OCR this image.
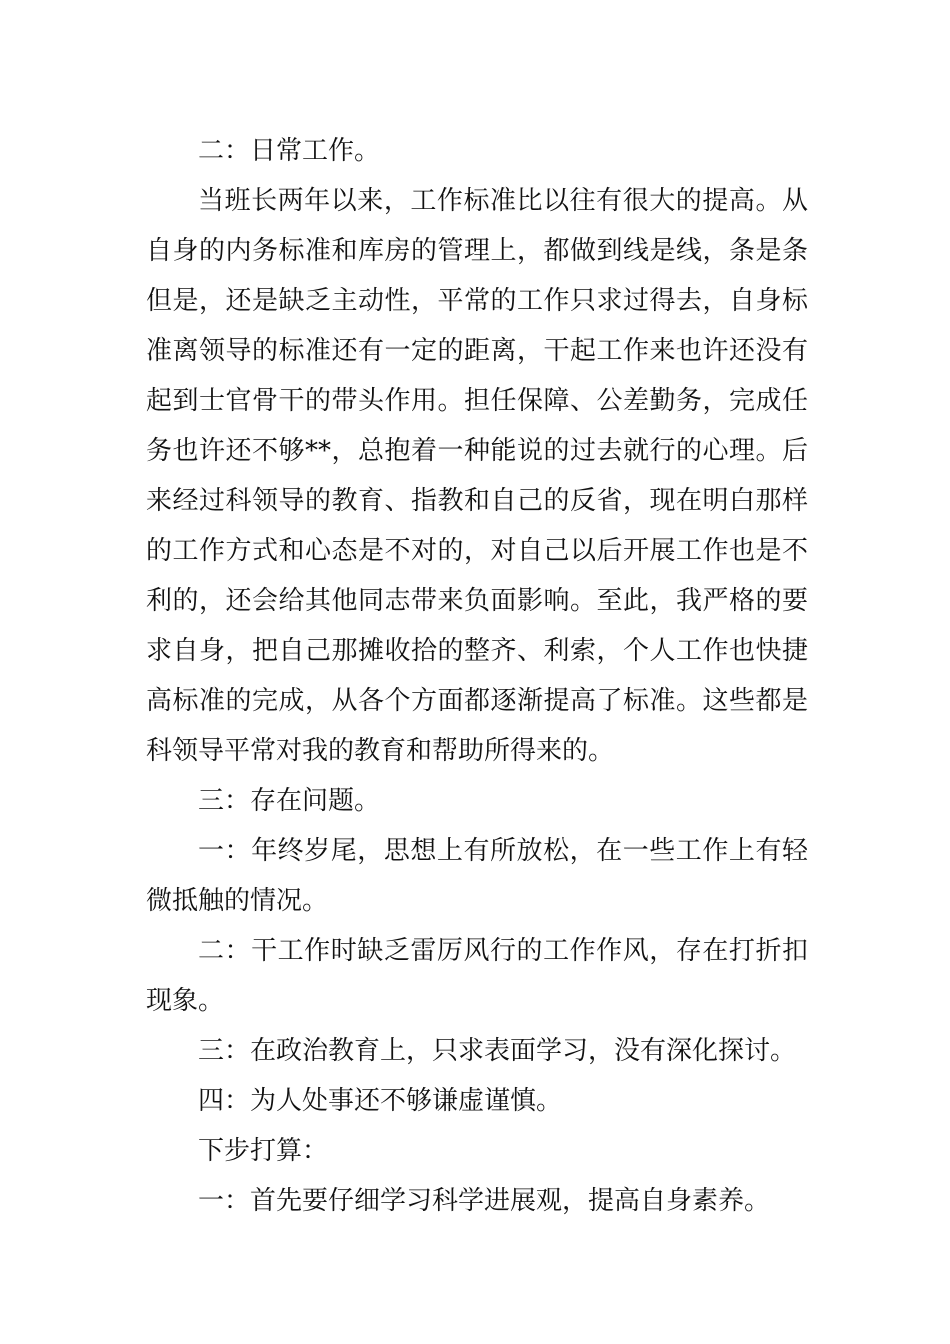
二：日常工作。
当班长两年以来，工作标准比以往有很大的提高。从
自身的内务标准和库房的管理上，都做到线是线，条是条
但是，还是缺乏主动性，平常的工作只求过得去，自身标
准离领导的标准还有一定的距离，干起工作来也许还没有
起到士官骨干的带头作用。担任保障、公差勤务，完成任
务也许还不够**，总抱着一种能说的过去就行的心理。后
来经过科领导的教育、指教和自己的反省，现在明白那样
的工作方式和心态是不对的，对自己以后开展工作也是不
利的，还会给其他同志带来负面影响。至此，我严格的要
求自身，把自己那摊收拾的整齐、利索，个人工作也快捷
高标准的完成，从各个方面都逐渐提高了标准。这些都是
科领导平常对我的教育和帮助所得来的。
三：存在问题。
一：年终岁尾，思想上有所放松，在一些工作上有轻
微抵触的情况。
二：干工作时缺乏雷厉风行的工作作风，存在打折扣
现象。
三：在政治教育上，只求表面学习，没有深化探讨。
四：为人处事还不够谦虚谨慎。
下步打算：
一：首先要仔细学习科学进展观，提高自身素养。
